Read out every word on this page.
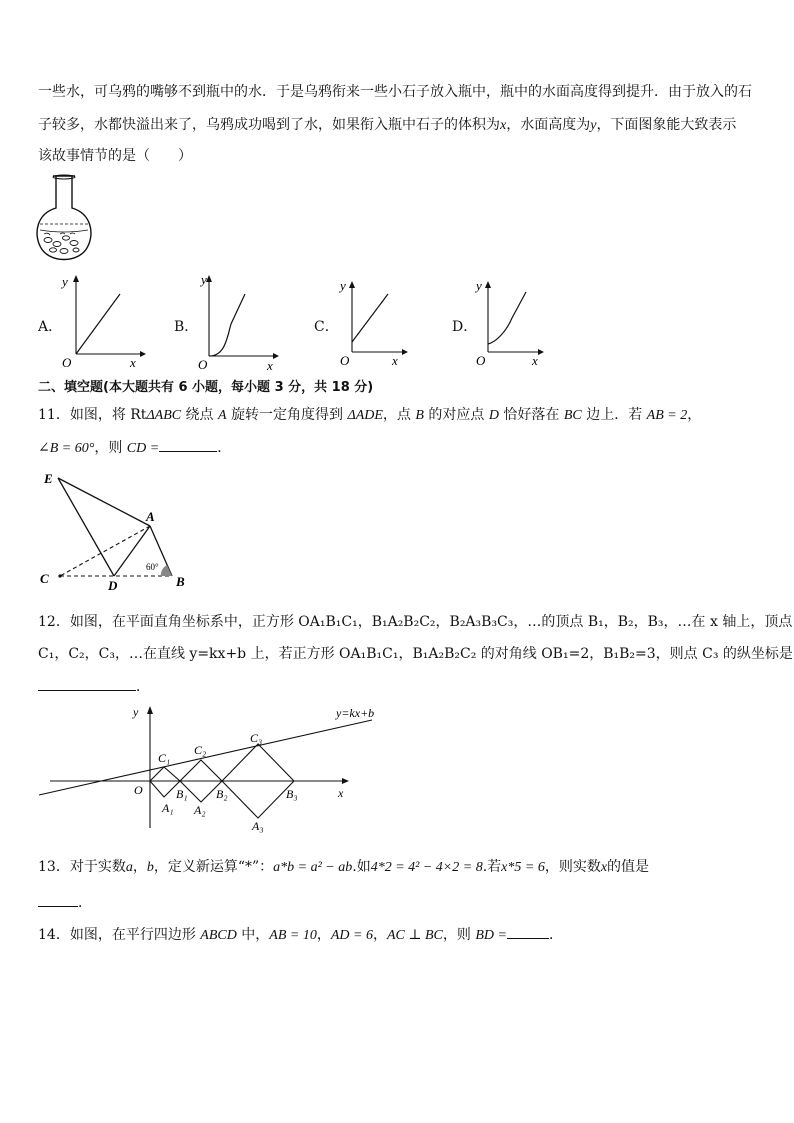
一些水，可乌鸦的嘴够不到瓶中的水．于是乌鸦衔来一些小石子放入瓶中，瓶中的水面高度得到提升．由于放入的石
子较多，水都快溢出来了，乌鸦成功喝到了水，如果衔入瓶中石子的体积为x，水面高度为y，下面图象能大致表示
该故事情节的是（　　）
A．
y
O	x
B．
y
O	x
C．
y
O	x
D．
y
O	x
二、填空题(本大题共有 6 小题，每小题 3 分，共 18 分)
11．如图，将 RtΔABC 绕点 A 旋转一定角度得到 ΔADE，点 B 的对应点 D 恰好落在 BC 边上．若 AB = 2，
∠B = 60°，则 CD =	．
E
A
C	D	B
60°
12．如图，在平面直角坐标系中，正方形 OA₁B₁C₁，B₁A₂B₂C₂，B₂A₃B₃C₃，…的顶点 B₁，B₂，B₃，…在 x 轴上，顶点
C₁，C₂，C₃，…在直线 y=kx+b 上，若正方形 OA₁B₁C₁，B₁A₂B₂C₂ 的对角线 OB₁=2，B₁B₂=3，则点 C₃ 的纵坐标是
．
y=kx+b
y
x
O
C₁
C₂
C₃
B₁ B₂	B₃
A₁ A₂
A₃
13．对于实数a，b，定义新运算“*”：a*b = a² − ab.如4*2 = 4² − 4×2 = 8.若x*5 = 6，则实数x的值是
．
14．如图，在平行四边形 ABCD 中，AB = 10，AD = 6，AC ⊥ BC，则 BD =	．
